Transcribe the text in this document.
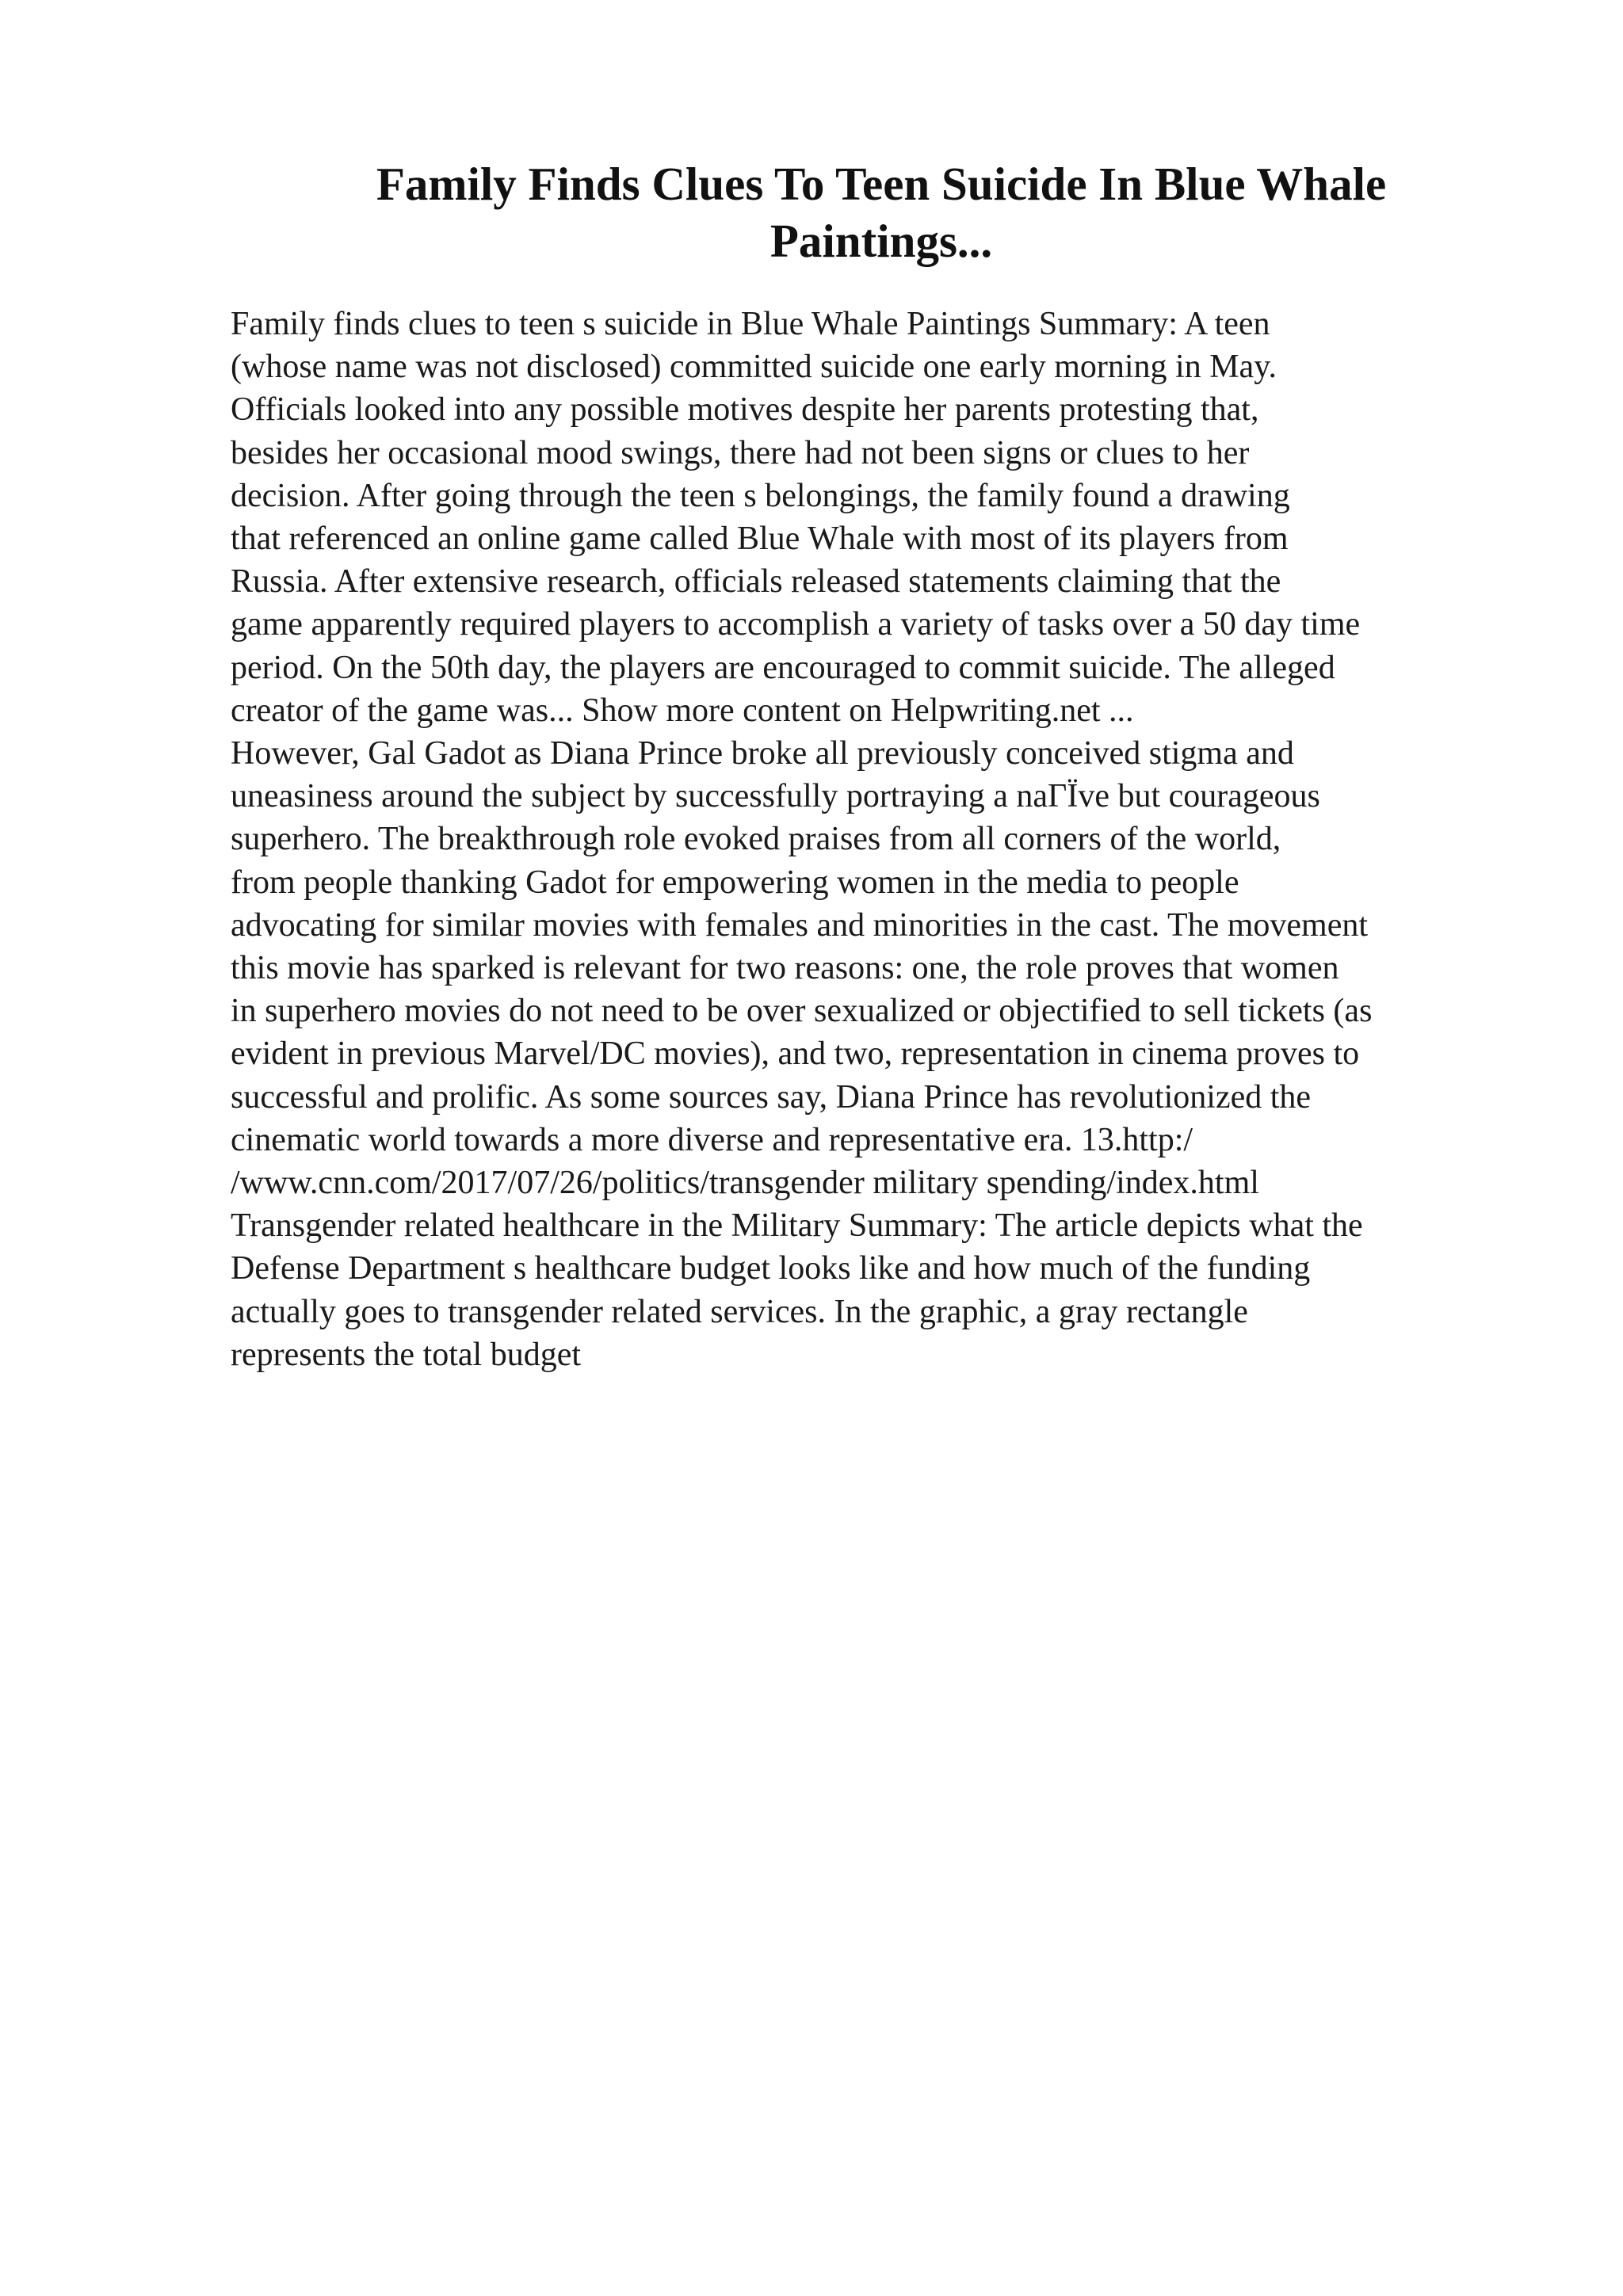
Family Finds Clues To Teen Suicide In Blue Whale
Paintings...
Family finds clues to teen s suicide in Blue Whale Paintings Summary: A teen
(whose name was not disclosed) committed suicide one early morning in May.
Officials looked into any possible motives despite her parents protesting that,
besides her occasional mood swings, there had not been signs or clues to her
decision. After going through the teen s belongings, the family found a drawing
that referenced an online game called Blue Whale with most of its players from
Russia. After extensive research, officials released statements claiming that the
game apparently required players to accomplish a variety of tasks over a 50 day time
period. On the 50th day, the players are encouraged to commit suicide. The alleged
creator of the game was... Show more content on Helpwriting.net ...
However, Gal Gadot as Diana Prince broke all previously conceived stigma and
uneasiness around the subject by successfully portraying a naΓЇve but courageous
superhero. The breakthrough role evoked praises from all corners of the world,
from people thanking Gadot for empowering women in the media to people
advocating for similar movies with females and minorities in the cast. The movement
this movie has sparked is relevant for two reasons: one, the role proves that women
in superhero movies do not need to be over sexualized or objectified to sell tickets (as
evident in previous Marvel/DC movies), and two, representation in cinema proves to
successful and prolific. As some sources say, Diana Prince has revolutionized the
cinematic world towards a more diverse and representative era. 13.http:/
/www.cnn.com/2017/07/26/politics/transgender military spending/index.html
Transgender related healthcare in the Military Summary: The article depicts what the
Defense Department s healthcare budget looks like and how much of the funding
actually goes to transgender related services. In the graphic, a gray rectangle
represents the total budget
